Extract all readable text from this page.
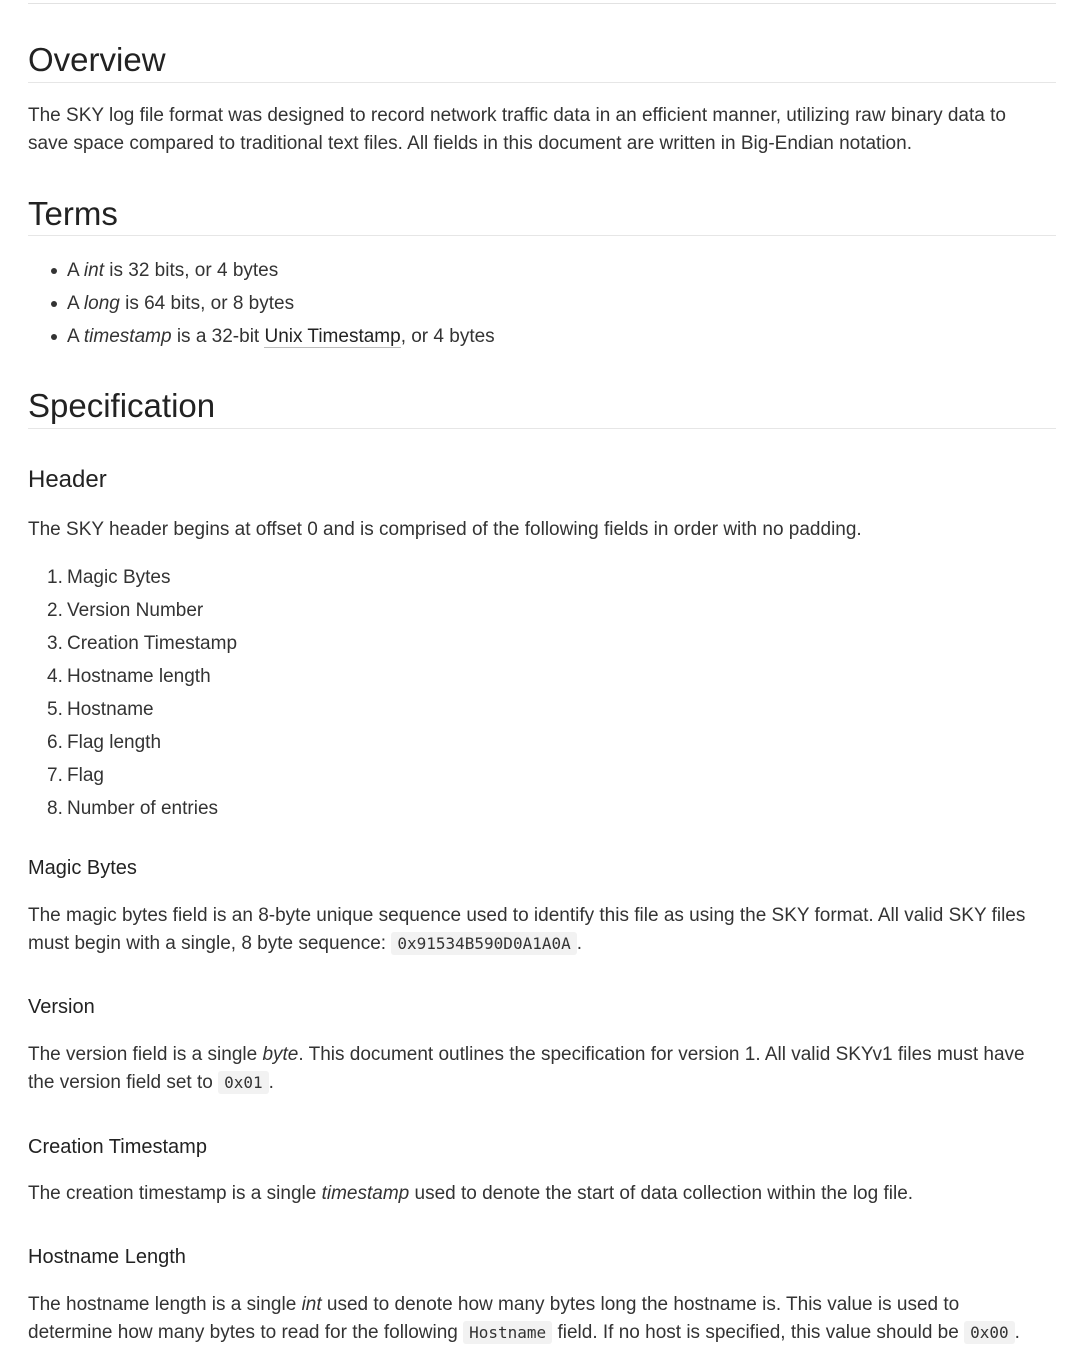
Overview

The SKY log file format was designed to record network traffic data in an efficient manner, utilizing raw binary data to save space compared to traditional text files. All fields in this document are written in Big-Endian notation.

Terms
A int is 32 bits, or 4 bytes
A long is 64 bits, or 8 bytes
A timestamp is a 32-bit Unix Timestamp, or 4 bytes
Specification
Header

The SKY header begins at offset 0 and is comprised of the following fields in order with no padding.

1. Magic Bytes
2. Version Number
3. Creation Timestamp
4. Hostname length
5. Hostname
6. Flag length
7. Flag
8. Number of entries
Magic Bytes

The magic bytes field is an 8-byte unique sequence used to identify this file as using the SKY format. All valid SKY files must begin with a single, 8 byte sequence: 0x91534B590D0A1A0A .

Version

The version field is a single byte. This document outlines the specification for version 1. All valid SKYv1 files must have the version field set to 0x01 .

Creation Timestamp

The creation timestamp is a single timestamp used to denote the start of data collection within the log file.

Hostname Length

The hostname length is a single int used to denote how many bytes long the hostname is. This value is used to determine how many bytes to read for the following Hostname field. If no host is specified, this value should be 0x00 .
